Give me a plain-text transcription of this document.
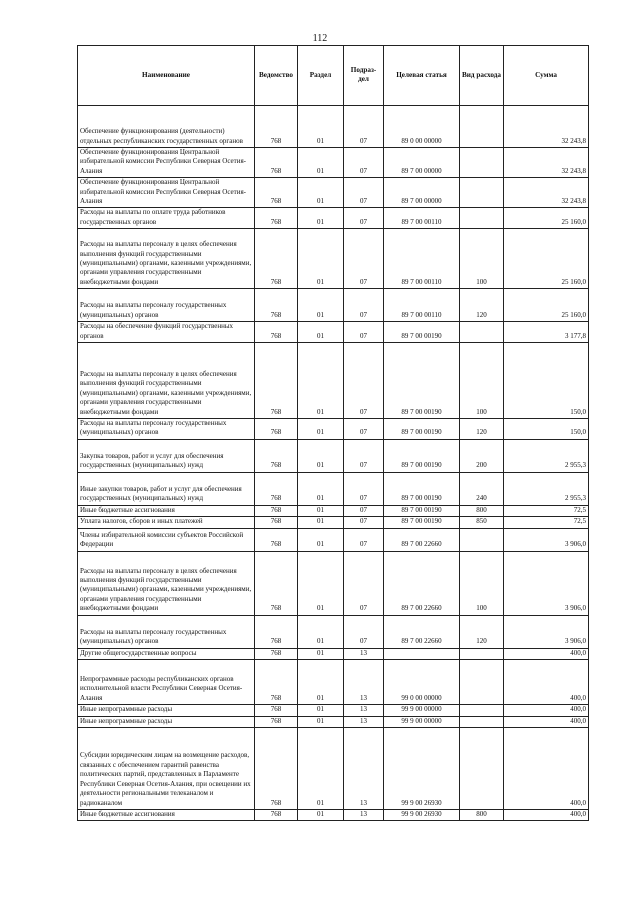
112
Наименование	Ведомство	Раздел	Подраз-дел	Целевая статья	Вид расхода	Сумма
Обеспечение функционирования (деятельности) отдельных республиканских государственных органов	768	01	07	89 0 00 00000		32 243,8
Обеспечение функционирования Центральной избирательной комиссии Республики Северная Осетия-Алания	768	01	07	89 7 00 00000		32 243,8
Обеспечение функционирования Центральной избирательной комиссии Республики Северная Осетия-Алания	768	01	07	89 7 00 00000		32 243,8
Расходы на выплаты по оплате труда работников государственных органов	768	01	07	89 7 00 00110		25 160,0
Расходы на выплаты персоналу в целях обеспечения выполнения функций государственными (муниципальными) органами, казенными учреждениями, органами управления государственными внебюджетными фондами	768	01	07	89 7 00 00110	100	25 160,0
Расходы на выплаты персоналу государственных (муниципальных) органов	768	01	07	89 7 00 00110	120	25 160,0
Расходы на обеспечение функций государственных органов	768	01	07	89 7 00 00190		3 177,8
Расходы на выплаты персоналу в целях обеспечения выполнения функций государственными (муниципальными) органами, казенными учреждениями, органами управления государственными внебюджетными фондами	768	01	07	89 7 00 00190	100	150,0
Расходы на выплаты персоналу государственных (муниципальных) органов	768	01	07	89 7 00 00190	120	150,0
Закупка товаров, работ и услуг для обеспечения государственных (муниципальных) нужд	768	01	07	89 7 00 00190	200	2 955,3
Иные закупки товаров, работ и услуг для обеспечения государственных (муниципальных) нужд	768	01	07	89 7 00 00190	240	2 955,3
Иные бюджетные ассигнования	768	01	07	89 7 00 00190	800	72,5
Уплата налогов, сборов и иных платежей	768	01	07	89 7 00 00190	850	72,5
Члены избирательной комиссии субъектов Российской Федерации	768	01	07	89 7 00 22660		3 906,0
Расходы на выплаты персоналу в целях обеспечения выполнения функций государственными (муниципальными) органами, казенными учреждениями, органами управления государственными внебюджетными фондами	768	01	07	89 7 00 22660	100	3 906,0
Расходы на выплаты персоналу государственных (муниципальных) органов	768	01	07	89 7 00 22660	120	3 906,0
Другие общегосударственные вопросы	768	01	13			400,0
Непрограммные расходы республиканских органов исполнительной власти Республики Северная Осетия-Алания	768	01	13	99 0 00 00000		400,0
Иные непрограммные расходы	768	01	13	99 9 00 00000		400,0
Иные непрограммные расходы	768	01	13	99 9 00 00000		400,0
Субсидии юридическим лицам на возмещение расходов, связанных с обеспечением гарантий равенства политических партий, представленных в Парламенте Республики Северная Осетия-Алания, при освещении их деятельности региональными телеканалом и радиоканалом	768	01	13	99 9 00 26930		400,0
Иные бюджетные ассигнования	768	01	13	99 9 00 26930	800	400,0
